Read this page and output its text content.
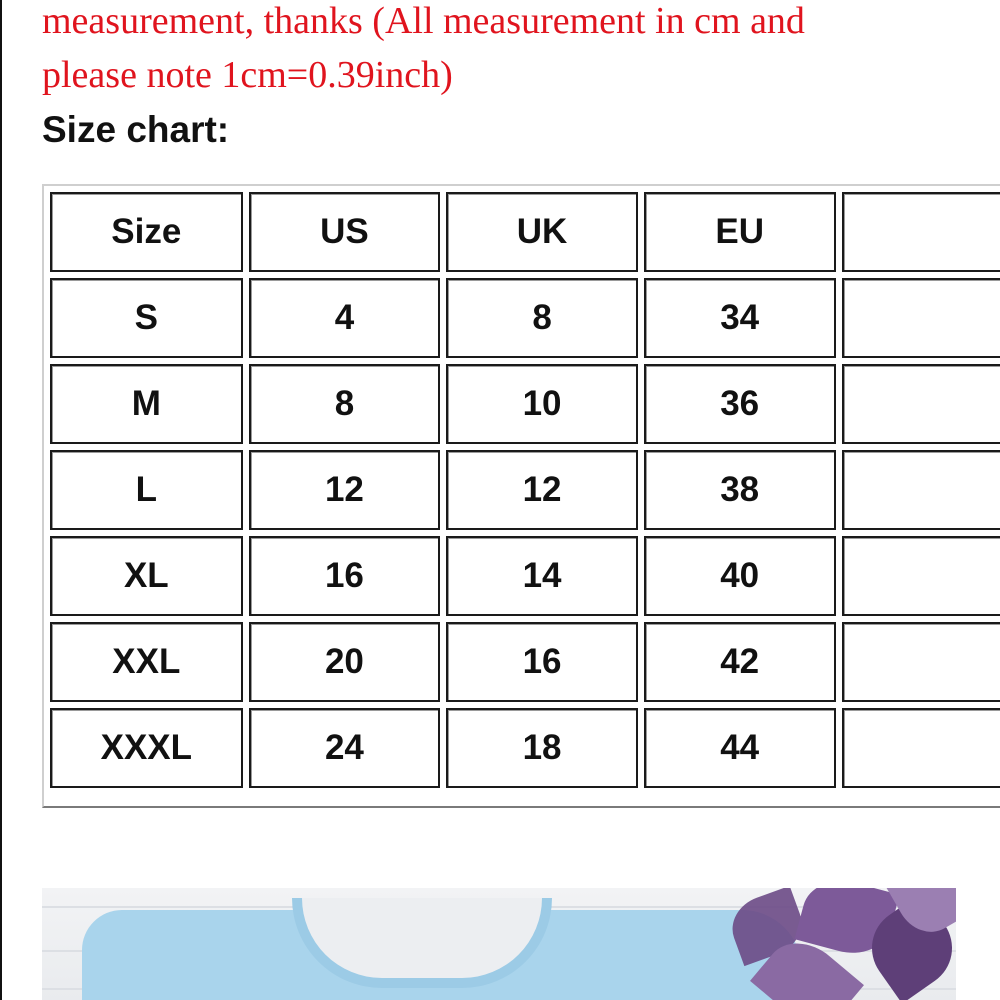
measurement, thanks (All measurement in cm and
please note 1cm=0.39inch)

Size chart:
Size	US	UK	EU	
S	4	8	34	
M	8	10	36	
L	12	12	38	
XL	16	14	40	
XXL	20	16	42	
XXXL	24	18	44	
